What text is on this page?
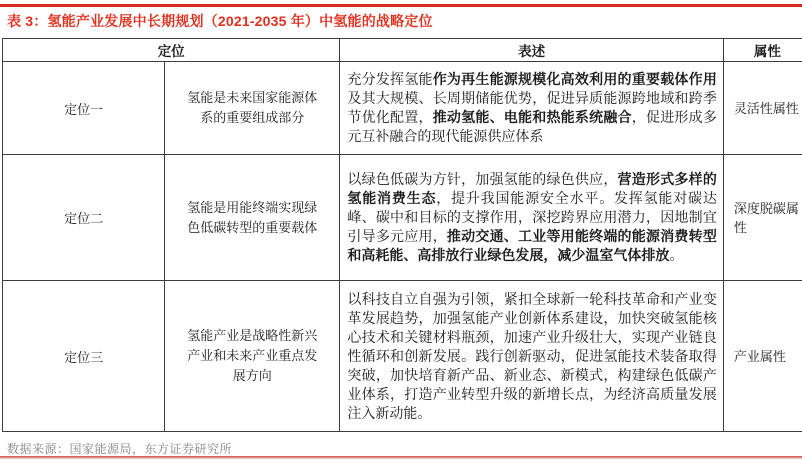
表 3：氢能产业发展中长期规划（2021-2035 年）中氢能的战略定位
定位		表述	属性
定位一	氢能是未来国家能源体系的重要组成部分	充分发挥氢能作为再生能源规模化高效利用的重要载体作用及其大规模、长周期储能优势，促进异质能源跨地域和跨季节优化配置，推动氢能、电能和热能系统融合，促进形成多元互补融合的现代能源供应体系	灵活性属性
定位二	氢能是用能终端实现绿色低碳转型的重要载体	以绿色低碳为方针，加强氢能的绿色供应，营造形式多样的氢能消费生态，提升我国能源安全水平。发挥氢能对碳达峰、碳中和目标的支撑作用，深挖跨界应用潜力，因地制宜引导多元应用，推动交通、工业等用能终端的能源消费转型和高耗能、高排放行业绿色发展，减少温室气体排放。	深度脱碳属性
定位三	氢能产业是战略性新兴产业和未来产业重点发展方向	以科技自立自强为引领，紧扣全球新一轮科技革命和产业变革发展趋势，加强氢能产业创新体系建设，加快突破氢能核心技术和关键材料瓶颈，加速产业升级壮大，实现产业链良性循环和创新发展。践行创新驱动，促进氢能技术装备取得突破，加快培育新产品、新业态、新模式，构建绿色低碳产业体系，打造产业转型升级的新增长点，为经济高质量发展注入新动能。	产业属性
数据来源：国家能源局，东方证券研究所
